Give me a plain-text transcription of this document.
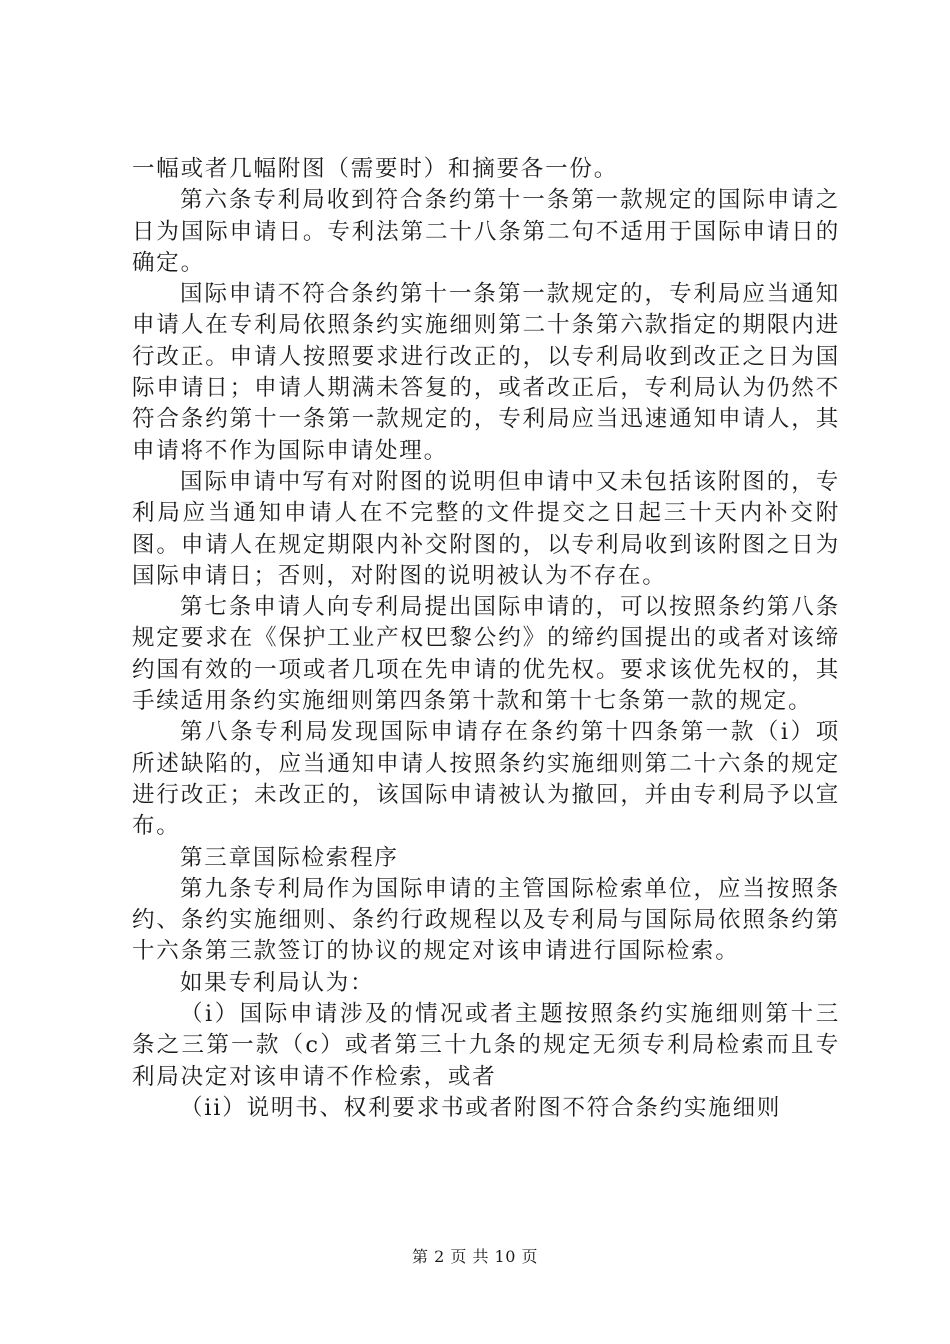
一幅或者几幅附图（需要时）和摘要各一份。

第六条专利局收到符合条约第十一条第一款规定的国际申请之日为国际申请日。专利法第二十八条第二句不适用于国际申请日的确定。

国际申请不符合条约第十一条第一款规定的，专利局应当通知申请人在专利局依照条约实施细则第二十条第六款指定的期限内进行改正。申请人按照要求进行改正的，以专利局收到改正之日为国际申请日；申请人期满未答复的，或者改正后，专利局认为仍然不符合条约第十一条第一款规定的，专利局应当迅速通知申请人，其申请将不作为国际申请处理。

国际申请中写有对附图的说明但申请中又未包括该附图的，专利局应当通知申请人在不完整的文件提交之日起三十天内补交附图。申请人在规定期限内补交附图的，以专利局收到该附图之日为国际申请日；否则，对附图的说明被认为不存在。

第七条申请人向专利局提出国际申请的，可以按照条约第八条规定要求在《保护工业产权巴黎公约》的缔约国提出的或者对该缔约国有效的一项或者几项在先申请的优先权。要求该优先权的，其手续适用条约实施细则第四条第十款和第十七条第一款的规定。

第八条专利局发现国际申请存在条约第十四条第一款（i）项所述缺陷的，应当通知申请人按照条约实施细则第二十六条的规定进行改正；未改正的，该国际申请被认为撤回，并由专利局予以宣布。

第三章国际检索程序

第九条专利局作为国际申请的主管国际检索单位，应当按照条约、条约实施细则、条约行政规程以及专利局与国际局依照条约第十六条第三款签订的协议的规定对该申请进行国际检索。

如果专利局认为：

（i）国际申请涉及的情况或者主题按照条约实施细则第十三条之三第一款（c）或者第三十九条的规定无须专利局检索而且专利局决定对该申请不作检索，或者

（ii）说明书、权利要求书或者附图不符合条约实施细则

第 2 页 共 10 页
